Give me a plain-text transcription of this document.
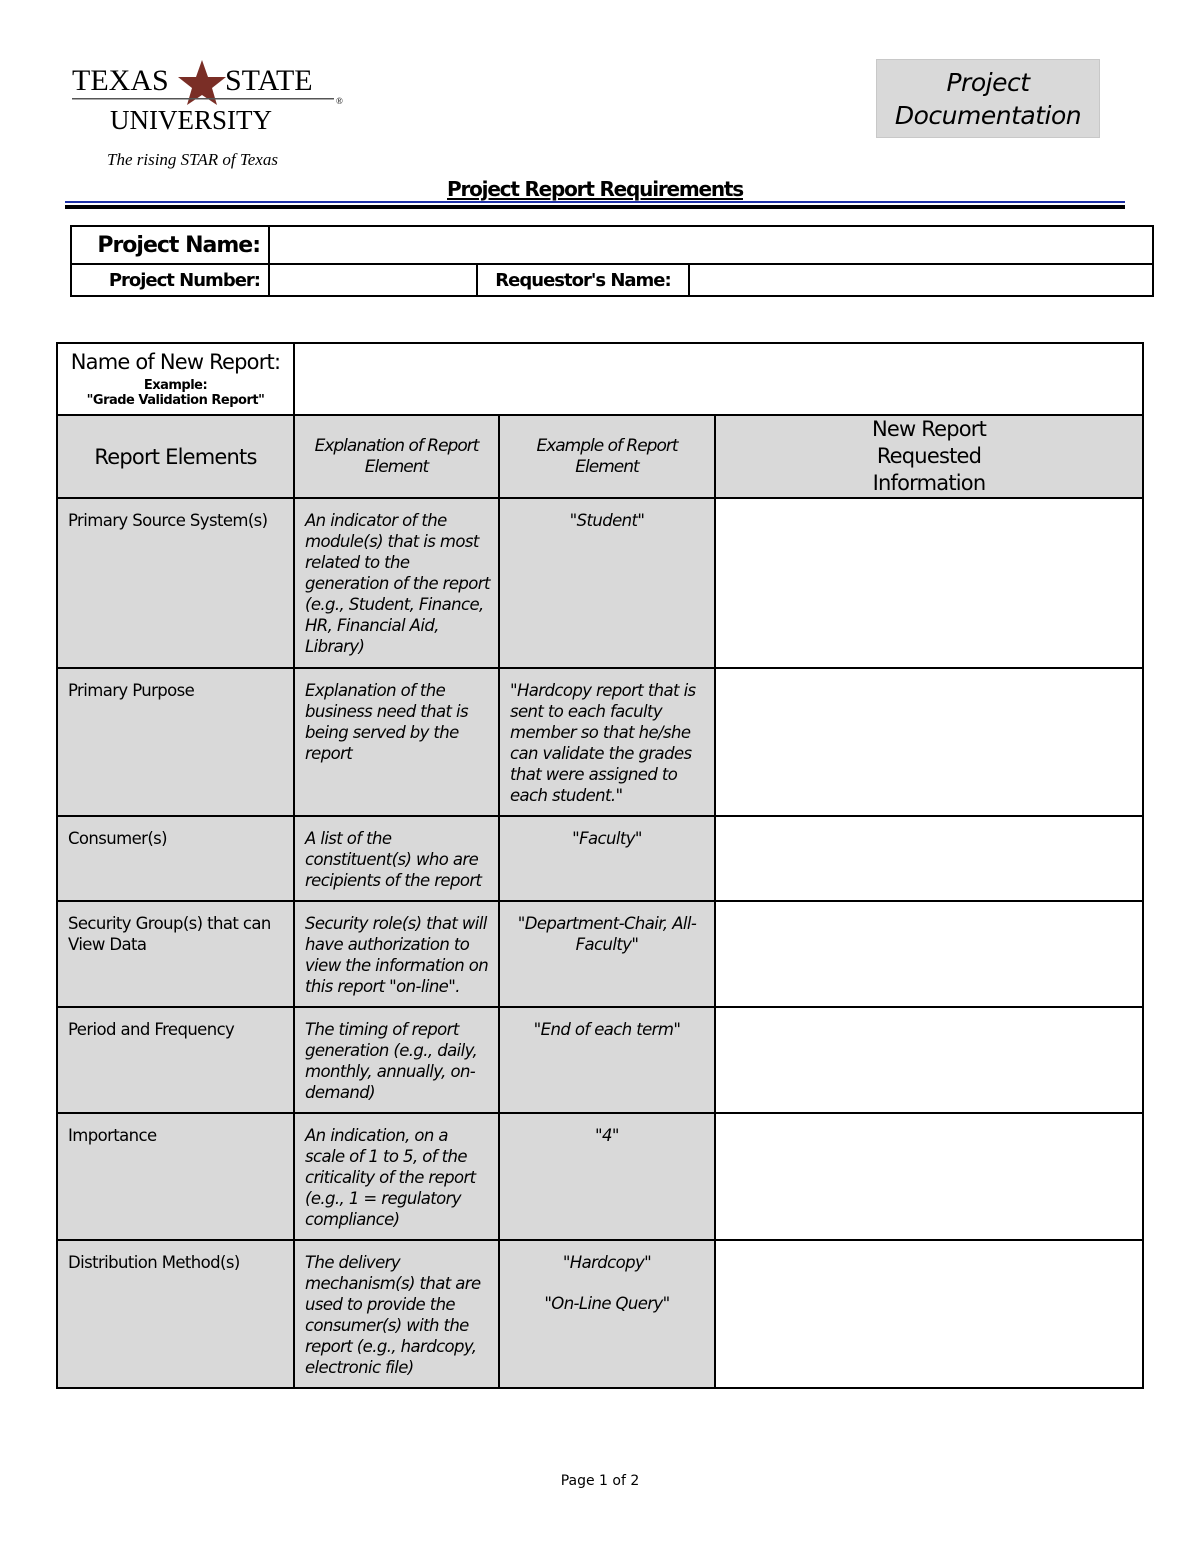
TEXAS STATE
®
UNIVERSITY
The rising STAR of Texas
Project
Documentation
Project Report Requirements
Project Name:			
Project Number:		Requestor's Name:	
Name of New Report: Example:
"Grade Validation Report"			

Report Elements	Explanation of Report Element	Example of Report Element	New Report Requested Information
Primary Source System(s)	An indicator of the module(s) that is most related to the generation of the report (e.g., Student, Finance, HR, Financial Aid, Library)	"Student"	
Primary Purpose	Explanation of the business need that is being served by the report	"Hardcopy report that is sent to each faculty member so that he/she can validate the grades that were assigned to each student."	
Consumer(s)	A list of the constituent(s) who are recipients of the report	"Faculty"	
Security Group(s) that can View Data	Security role(s) that will have authorization to view the information on this report "on-line".	"Department-Chair, All-Faculty"	
Period and Frequency	The timing of report generation (e.g., daily, monthly, annually, on-demand)	"End of each term"	
Importance	An indication, on a scale of 1 to 5, of the criticality of the report (e.g., 1 = regulatory compliance)	"4"	
Distribution Method(s)	The delivery mechanism(s) that are used to provide the consumer(s) with the report (e.g., hardcopy, electronic file)	"Hardcopy"
"On-Line Query"	

Page 1 of 2
